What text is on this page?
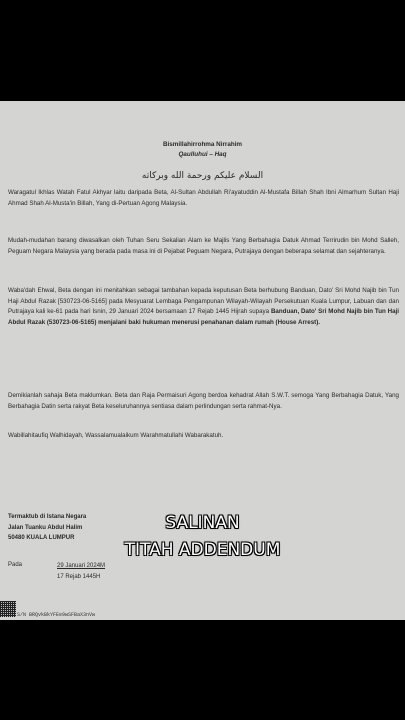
Bismillahirrohma Nirrahim
Qaulluhui – Haq
السلام عليكم ورحمة الله وبركاته

Waragatul Ikhlas Watah Fatul Akhyar laitu daripada Beta, Al-Sultan Abdullah Ri'ayatuddin Al-Mustafa Billah Shah Ibni Almarhum Sultan Haji Ahmad Shah Al-Musta'in Billah, Yang di-Pertuan Agong Malaysia.

Mudah-mudahan barang diwasalkan oleh Tuhan Seru Sekalian Alam ke Majlis Yang Berbahagia Datuk Ahmad Terrirudin bin Mohd Salleh, Peguam Negara Malaysia yang berada pada masa ini di Pejabat Peguam Negara, Putrajaya dengan beberapa selamat dan sejahteranya.

Waba'dah Ehwal, Beta dengan ini menitahkan sebagai tambahan kepada keputusan Beta berhubung Banduan, Dato' Sri Mohd Najib bin Tun Haji Abdul Razak [530723-06-5165] pada Mesyuarat Lembaga Pengampunan Wilayah-Wilayah Persekutuan Kuala Lumpur, Labuan dan dan Putrajaya kali ke-61 pada hari Isnin, 29 Januari 2024 bersamaan 17 Rejab 1445 Hijrah supaya Banduan, Dato' Sri Mohd Najib bin Tun Haji Abdul Razak (530723-06-5165) menjalani baki hukuman menerusi penahanan dalam rumah (House Arrest).

Demikianlah sahaja Beta maklumkan. Beta dan Raja Permaisuri Agong berdoa kehadrat Allah S.W.T. semoga Yang Berbahagia Datuk, Yang Berbahagia Datin serta rakyat Beta keseluruhannya sentiasa dalam perlindungan serta rahmat-Nya.

Wabillahitaufiq Walhidayah, Wassalamualaikum Warahmatullahi Wabarakatuh.

Termaktub di Istana Negara
Jalan Tuanku Abdul Halim
50480 KUALA LUMPUR
Pada	29 Januari 2024M
17 Rejab 1445H
S/N BRQvkBkYFEe9wSFBaX3nVw
SALINAN
TITAH ADDENDUM
